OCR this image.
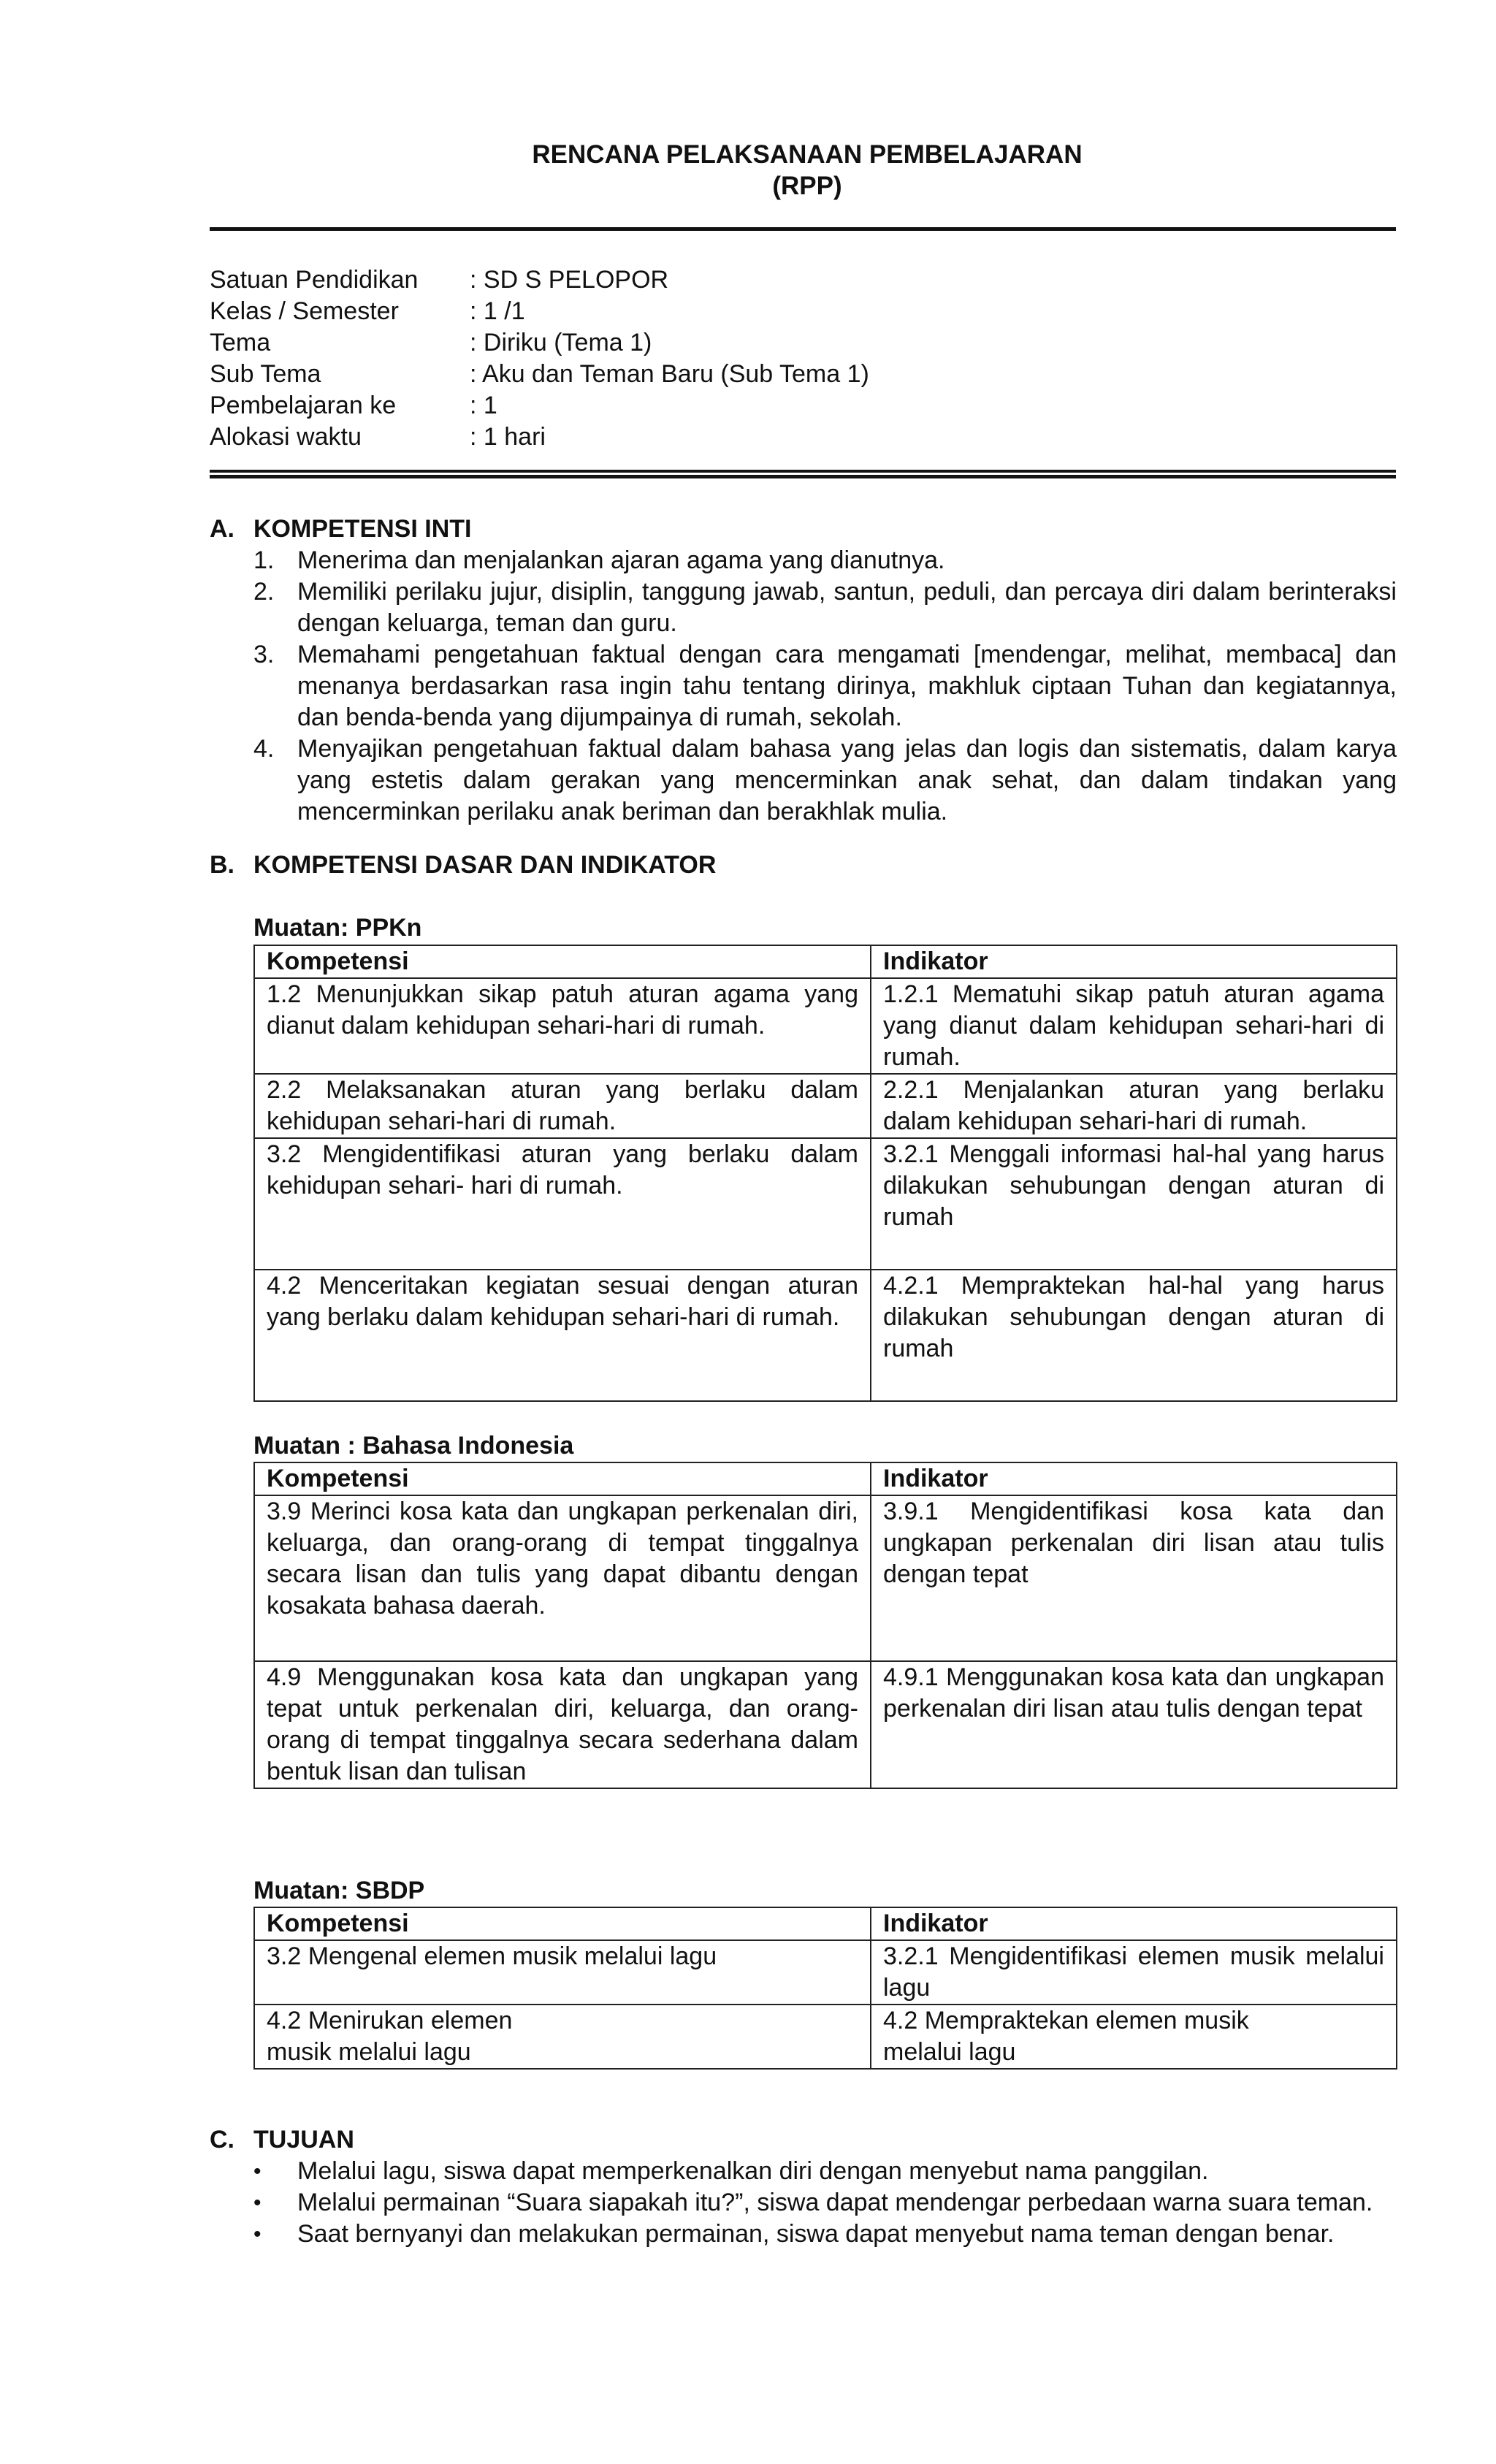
RENCANA PELAKSANAAN PEMBELAJARAN
(RPP)
Satuan Pendidikan : SD S PELOPOR
Kelas / Semester	: 1 /1
Tema	: Diriku (Tema 1)
Sub Tema	: Aku dan Teman Baru (Sub Tema 1)
Pembelajaran ke	: 1
Alokasi waktu	: 1 hari
A. KOMPETENSI INTI
1. Menerima dan menjalankan ajaran agama yang dianutnya.
2. Memiliki perilaku jujur, disiplin, tanggung jawab, santun, peduli, dan percaya diri dalam berinteraksi dengan keluarga, teman dan guru.
3. Memahami pengetahuan faktual dengan cara mengamati [mendengar, melihat, membaca] dan menanya berdasarkan rasa ingin tahu tentang dirinya, makhluk ciptaan Tuhan dan kegiatannya, dan benda-benda yang dijumpainya di rumah, sekolah.
4. Menyajikan pengetahuan faktual dalam bahasa yang jelas dan logis dan sistematis, dalam karya yang estetis dalam gerakan yang mencerminkan anak sehat, dan dalam tindakan yang mencerminkan perilaku anak beriman dan berakhlak mulia.
B. KOMPETENSI DASAR DAN INDIKATOR
Muatan: PPKn
Kompetensi	Indikator
1.2 Menunjukkan sikap patuh aturan agama yang dianut dalam kehidupan sehari-hari di rumah.	1.2.1 Mematuhi sikap patuh aturan agama yang dianut dalam kehidupan sehari-hari di rumah.
2.2 Melaksanakan aturan yang berlaku dalam kehidupan sehari-hari di rumah.	2.2.1 Menjalankan aturan yang berlaku dalam kehidupan sehari-hari di rumah.
3.2 Mengidentifikasi aturan yang berlaku dalam kehidupan sehari- hari di rumah.	3.2.1 Menggali informasi hal-hal yang harus dilakukan sehubungan dengan aturan di rumah
4.2 Menceritakan kegiatan sesuai dengan aturan yang berlaku dalam kehidupan sehari-hari di rumah.	4.2.1 Mempraktekan hal-hal yang harus dilakukan sehubungan dengan aturan di rumah
Muatan : Bahasa Indonesia
Kompetensi	Indikator
3.9 Merinci kosa kata dan ungkapan perkenalan diri, keluarga, dan orang-orang di tempat tinggalnya secara lisan dan tulis yang dapat dibantu dengan kosakata bahasa daerah.	3.9.1 Mengidentifikasi kosa kata dan ungkapan perkenalan diri lisan atau tulis dengan tepat
4.9 Menggunakan kosa kata dan ungkapan yang tepat untuk perkenalan diri, keluarga, dan orang-orang di tempat tinggalnya secara sederhana dalam bentuk lisan dan tulisan	4.9.1 Menggunakan kosa kata dan ungkapan perkenalan diri lisan atau tulis dengan tepat
Muatan: SBDP
Kompetensi	Indikator
3.2 Mengenal elemen musik melalui lagu	3.2.1 Mengidentifikasi elemen musik melalui lagu
4.2 Menirukan elemen musik melalui lagu	4.2 Mempraktekan elemen musik melalui lagu
C. TUJUAN
• Melalui lagu, siswa dapat memperkenalkan diri dengan menyebut nama panggilan.
• Melalui permainan “Suara siapakah itu?”, siswa dapat mendengar perbedaan warna suara teman.
• Saat bernyanyi dan melakukan permainan, siswa dapat menyebut nama teman dengan benar.
